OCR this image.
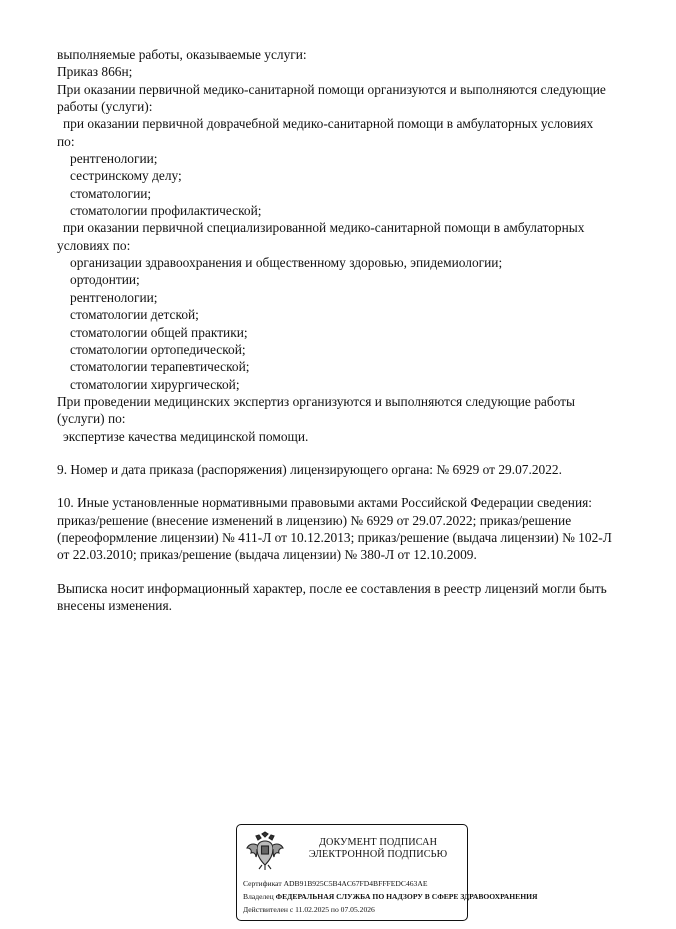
выполняемые работы, оказываемые услуги:
Приказ 866н;
При оказании первичной медико-санитарной помощи организуются и выполняются следующие
работы (услуги):
при оказании первичной доврачебной медико-санитарной помощи в амбулаторных условиях
по:
рентгенологии;
сестринскому делу;
стоматологии;
стоматологии профилактической;
при оказании первичной специализированной медико-санитарной помощи в амбулаторных
условиях по:
организации здравоохранения и общественному здоровью, эпидемиологии;
ортодонтии;
рентгенологии;
стоматологии детской;
стоматологии общей практики;
стоматологии ортопедической;
стоматологии терапевтической;
стоматологии хирургической;
При проведении медицинских экспертиз организуются и выполняются следующие работы
(услуги) по:
экспертизе качества медицинской помощи.
9. Номер и дата приказа (распоряжения) лицензирующего органа: № 6929 от 29.07.2022.
10. Иные установленные нормативными правовыми актами Российской Федерации сведения:
приказ/решение (внесение изменений в лицензию) № 6929 от 29.07.2022; приказ/решение
(переоформление лицензии) № 411-Л от 10.12.2013; приказ/решение (выдача лицензии) № 102-Л
от 22.03.2010; приказ/решение (выдача лицензии) № 380-Л от 12.10.2009.
Выписка носит информационный характер, после ее составления в реестр лицензий могли быть
внесены изменения.
ДОКУМЕНТ ПОДПИСАН
ЭЛЕКТРОННОЙ ПОДПИСЬЮ
Сертификат ADB91B925C5B4AC67FD4BFFFEDC463AE
Владелец ФЕДЕРАЛЬНАЯ СЛУЖБА ПО НАДЗОРУ В СФЕРЕ ЗДРАВООХРАНЕНИЯ
Действителен с 11.02.2025 по 07.05.2026
